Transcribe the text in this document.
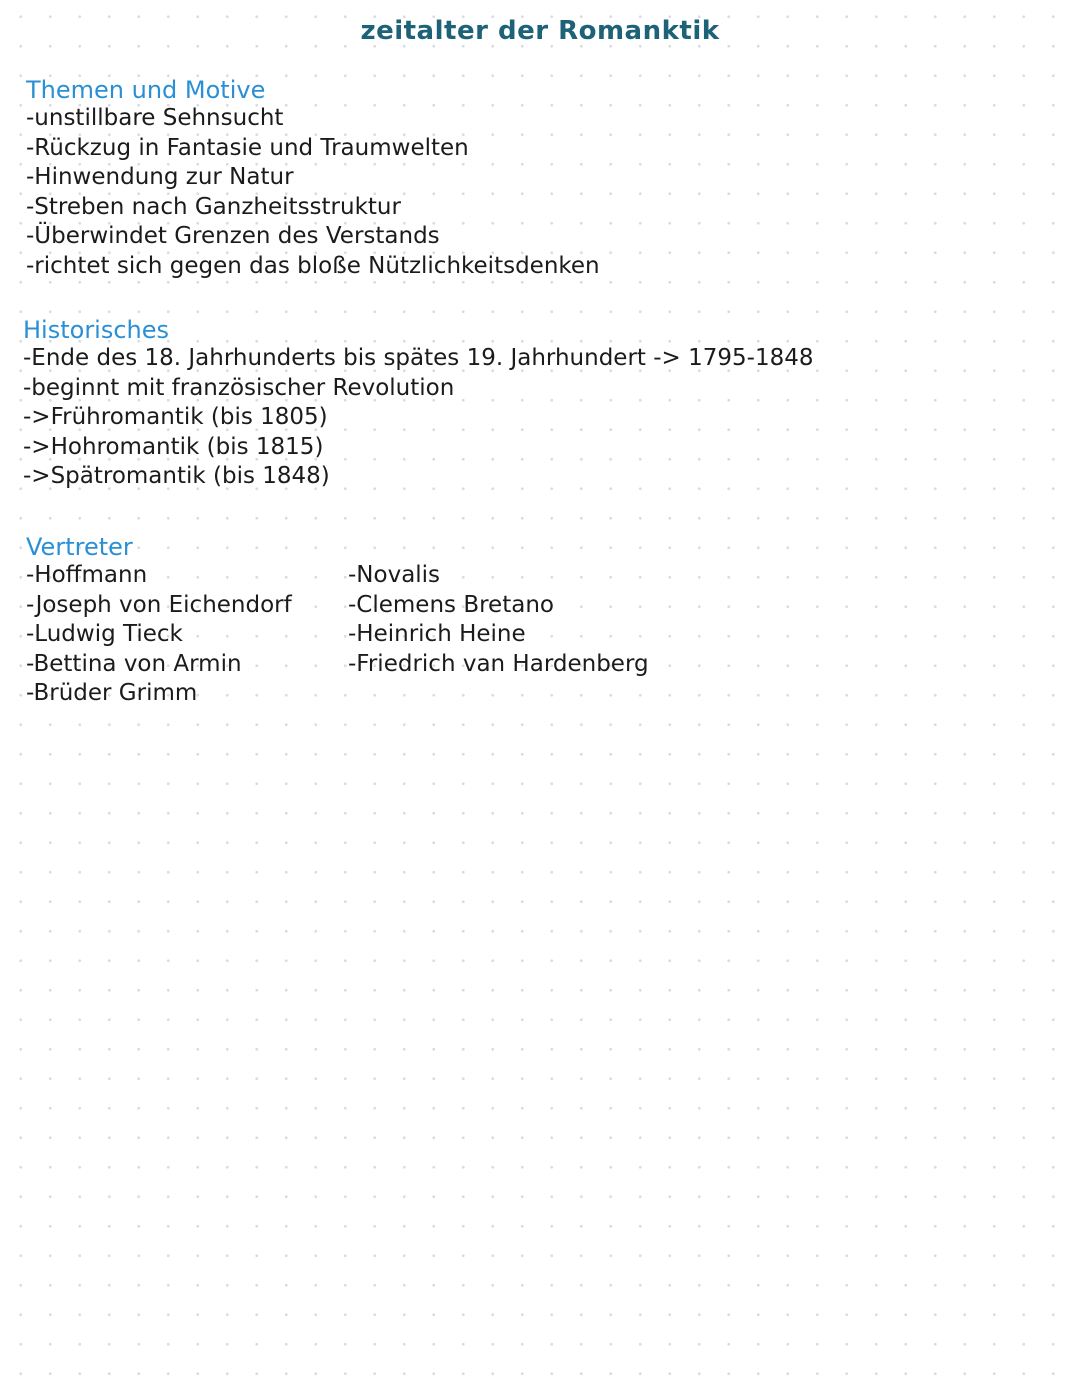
zeitalter der Romanktik
Themen und Motive
-unstillbare Sehnsucht
-Rückzug in Fantasie und Traumwelten
-Hinwendung zur Natur
-Streben nach Ganzheitsstruktur
-Überwindet Grenzen des Verstands
-richtet sich gegen das bloße Nützlichkeitsdenken
Historisches
-Ende des 18. Jahrhunderts bis spätes 19. Jahrhundert -> 1795-1848
-beginnt mit französischer Revolution
->Frühromantik (bis 1805)
->Hohromantik (bis 1815)
->Spätromantik (bis 1848)
Vertreter
-Hoffmann
-Joseph von Eichendorf
-Ludwig Tieck
-Bettina von Armin
-Brüder Grimm
-Novalis
-Clemens Bretano
-Heinrich Heine
-Friedrich van Hardenberg
